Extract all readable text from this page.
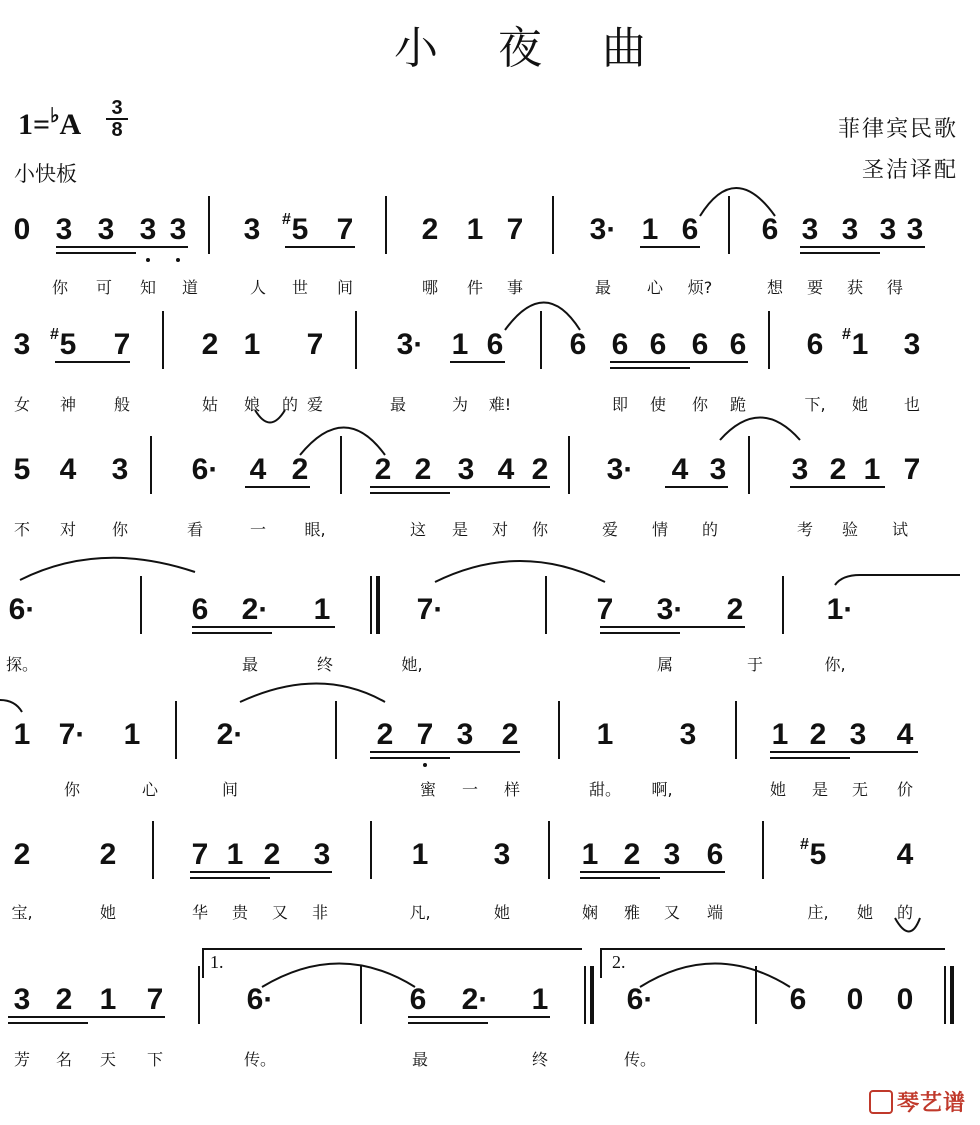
小夜曲
1=♭A	3
8
小快板
菲律宾民歌
圣洁译配
0 3 3 3 3 3	# 5 7 2 1 7 3· 1 6 6 3 3 3 3
你	可	知	道	人	世	间	哪	件	事	最	心	烦?	想	要	获	得
3	# 5 7 2 1 7 3· 1 6 6 6 6 6 6 6	# 1 3
女	神	般	姑	娘	的 爱	最	为	难!	即	使	你	跪	下,	她	也
5 4 3 6· 4 2 2 2 3 4 2 3· 4 3 3 2 1 7
不	对	你	看	一	眼,	这	是	对	你	爱	情	的	考	验	试
6·	6 2· 1	7·	7 3· 2	1·
探。	最	终	她,	属	于	你,
1 7· 1	2·	2 7 3 2	1 3	1 2 3 4
你	心	间	蜜	一	样	甜。	啊,	她	是	无	价
2 2	7 1 2 3	1 3 1 2 3 6	# 5 4
宝,	她	华	贵	又	非	凡,	她	娴	雅	又	端	庄,	她	的
3 2 1 7	6·	6 2· 1	6·	6 0 0
芳	名	天	下	传。	最	终	传。
1.	2.
琴艺谱
